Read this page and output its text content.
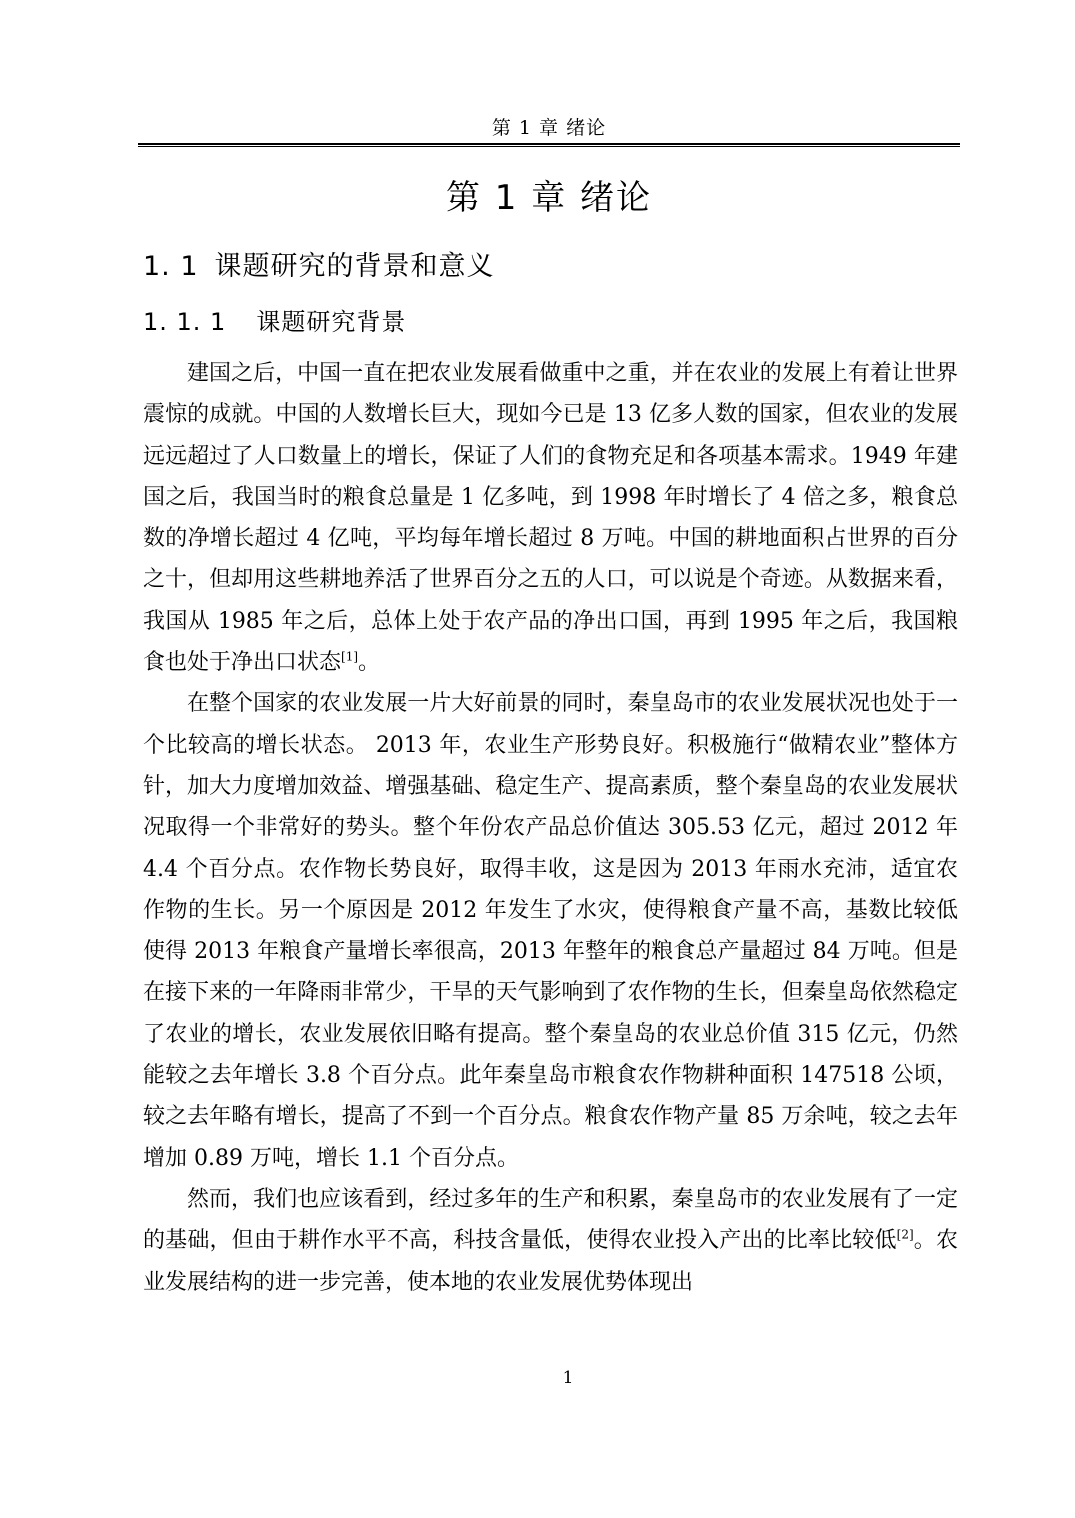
第 1 章 绪论
第 1 章 绪论
1. 1 课题研究的背景和意义
1. 1. 1 课题研究背景

建国之后，中国一直在把农业发展看做重中之重，并在农业的发展上有着让世界震惊的成就。中国的人数增长巨大，现如今已是 13 亿多人数的国家，但农业的发展远远超过了人口数量上的增长，保证了人们的食物充足和各项基本需求。1949 年建国之后，我国当时的粮食总量是 1 亿多吨，到 1998 年时增长了 4 倍之多，粮食总数的净增长超过 4 亿吨，平均每年增长超过 8 万吨。中国的耕地面积占世界的百分之十，但却用这些耕地养活了世界百分之五的人口，可以说是个奇迹。从数据来看，我国从 1985 年之后，总体上处于农产品的净出口国，再到 1995 年之后，我国粮食也处于净出口状态[1]。

在整个国家的农业发展一片大好前景的同时，秦皇岛市的农业发展状况也处于一个比较高的增长状态。 2013 年，农业生产形势良好。积极施行“做精农业”整体方针，加大力度增加效益、增强基础、稳定生产、提高素质，整个秦皇岛的农业发展状况取得一个非常好的势头。整个年份农产品总价值达 305.53 亿元，超过 2012 年 4.4 个百分点。农作物长势良好，取得丰收，这是因为 2013 年雨水充沛，适宜农作物的生长。另一个原因是 2012 年发生了水灾，使得粮食产量不高，基数比较低使得 2013 年粮食产量增长率很高，2013 年整年的粮食总产量超过 84 万吨。但是在接下来的一年降雨非常少，干旱的天气影响到了农作物的生长，但秦皇岛依然稳定了农业的增长，农业发展依旧略有提高。整个秦皇岛的农业总价值 315 亿元，仍然能较之去年增长 3.8 个百分点。此年秦皇岛市粮食农作物耕种面积 147518 公顷，较之去年略有增长，提高了不到一个百分点。粮食农作物产量 85 万余吨，较之去年增加 0.89 万吨，增长 1.1 个百分点。

然而，我们也应该看到，经过多年的生产和积累，秦皇岛市的农业发展有了一定的基础，但由于耕作水平不高，科技含量低，使得农业投入产出的比率比较低[2]。农业发展结构的进一步完善，使本地的农业发展优势体现出

1
